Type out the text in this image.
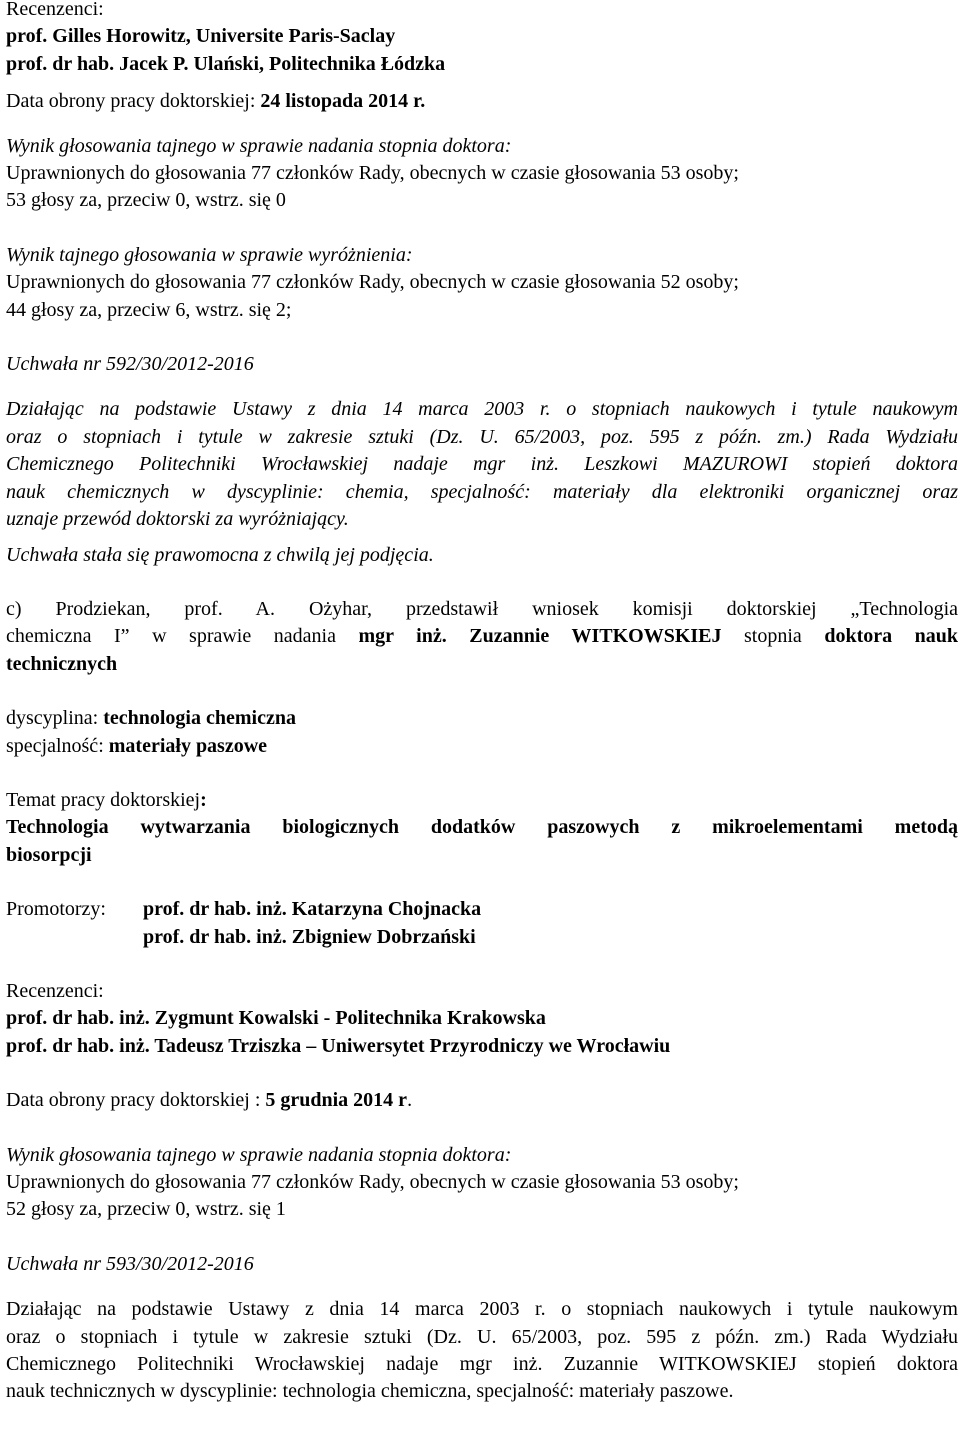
Recenzenci:

prof. Gilles Horowitz, Universite Paris-Saclay

prof. dr hab. Jacek P. Ulański, Politechnika Łódzka

Data obrony pracy doktorskiej: 24 listopada 2014 r.

Wynik głosowania tajnego w sprawie nadania stopnia doktora:

Uprawnionych do głosowania 77 członków Rady, obecnych w czasie głosowania 53 osoby;

53 głosy za, przeciw 0, wstrz. się 0

Wynik tajnego głosowania w sprawie wyróżnienia:

Uprawnionych do głosowania 77 członków Rady, obecnych w czasie głosowania 52 osoby;

44 głosy za, przeciw 6, wstrz. się 2;

Uchwała nr 592/30/2012-2016

Działając na podstawie Ustawy z dnia 14 marca 2003 r. o stopniach naukowych i tytule naukowym

oraz o stopniach i tytule w zakresie sztuki (Dz. U. 65/2003, poz. 595 z późn. zm.) Rada Wydziału

Chemicznego Politechniki Wrocławskiej nadaje mgr inż. Leszkowi MAZUROWI stopień doktora

nauk chemicznych w dyscyplinie: chemia, specjalność: materiały dla elektroniki organicznej oraz

uznaje przewód doktorski za wyróżniający.

Uchwała stała się prawomocna z chwilą jej podjęcia.

c) Prodziekan, prof. A. Ożyhar, przedstawił wniosek komisji doktorskiej „Technologia

chemiczna I” w sprawie nadania mgr inż. Zuzannie WITKOWSKIEJ stopnia doktora nauk

technicznych

dyscyplina: technologia chemiczna

specjalność: materiały paszowe

Temat pracy doktorskiej:

Technologia wytwarzania biologicznych dodatków paszowych z mikroelementami metodą

biosorpcji

Promotorzy:	prof. dr hab. inż. Katarzyna Chojnacka
prof. dr hab. inż. Zbigniew Dobrzański

Recenzenci:

prof. dr hab. inż. Zygmunt Kowalski - Politechnika Krakowska

prof. dr hab. inż. Tadeusz Trziszka – Uniwersytet Przyrodniczy we Wrocławiu

Data obrony pracy doktorskiej : 5 grudnia 2014 r.

Wynik głosowania tajnego w sprawie nadania stopnia doktora:

Uprawnionych do głosowania 77 członków Rady, obecnych w czasie głosowania 53 osoby;

52 głosy za, przeciw 0, wstrz. się 1

Uchwała nr 593/30/2012-2016

Działając na podstawie Ustawy z dnia 14 marca 2003 r. o stopniach naukowych i tytule naukowym

oraz o stopniach i tytule w zakresie sztuki (Dz. U. 65/2003, poz. 595 z późn. zm.) Rada Wydziału

Chemicznego Politechniki Wrocławskiej nadaje mgr inż. Zuzannie WITKOWSKIEJ stopień doktora

nauk technicznych w dyscyplinie: technologia chemiczna, specjalność: materiały paszowe.
